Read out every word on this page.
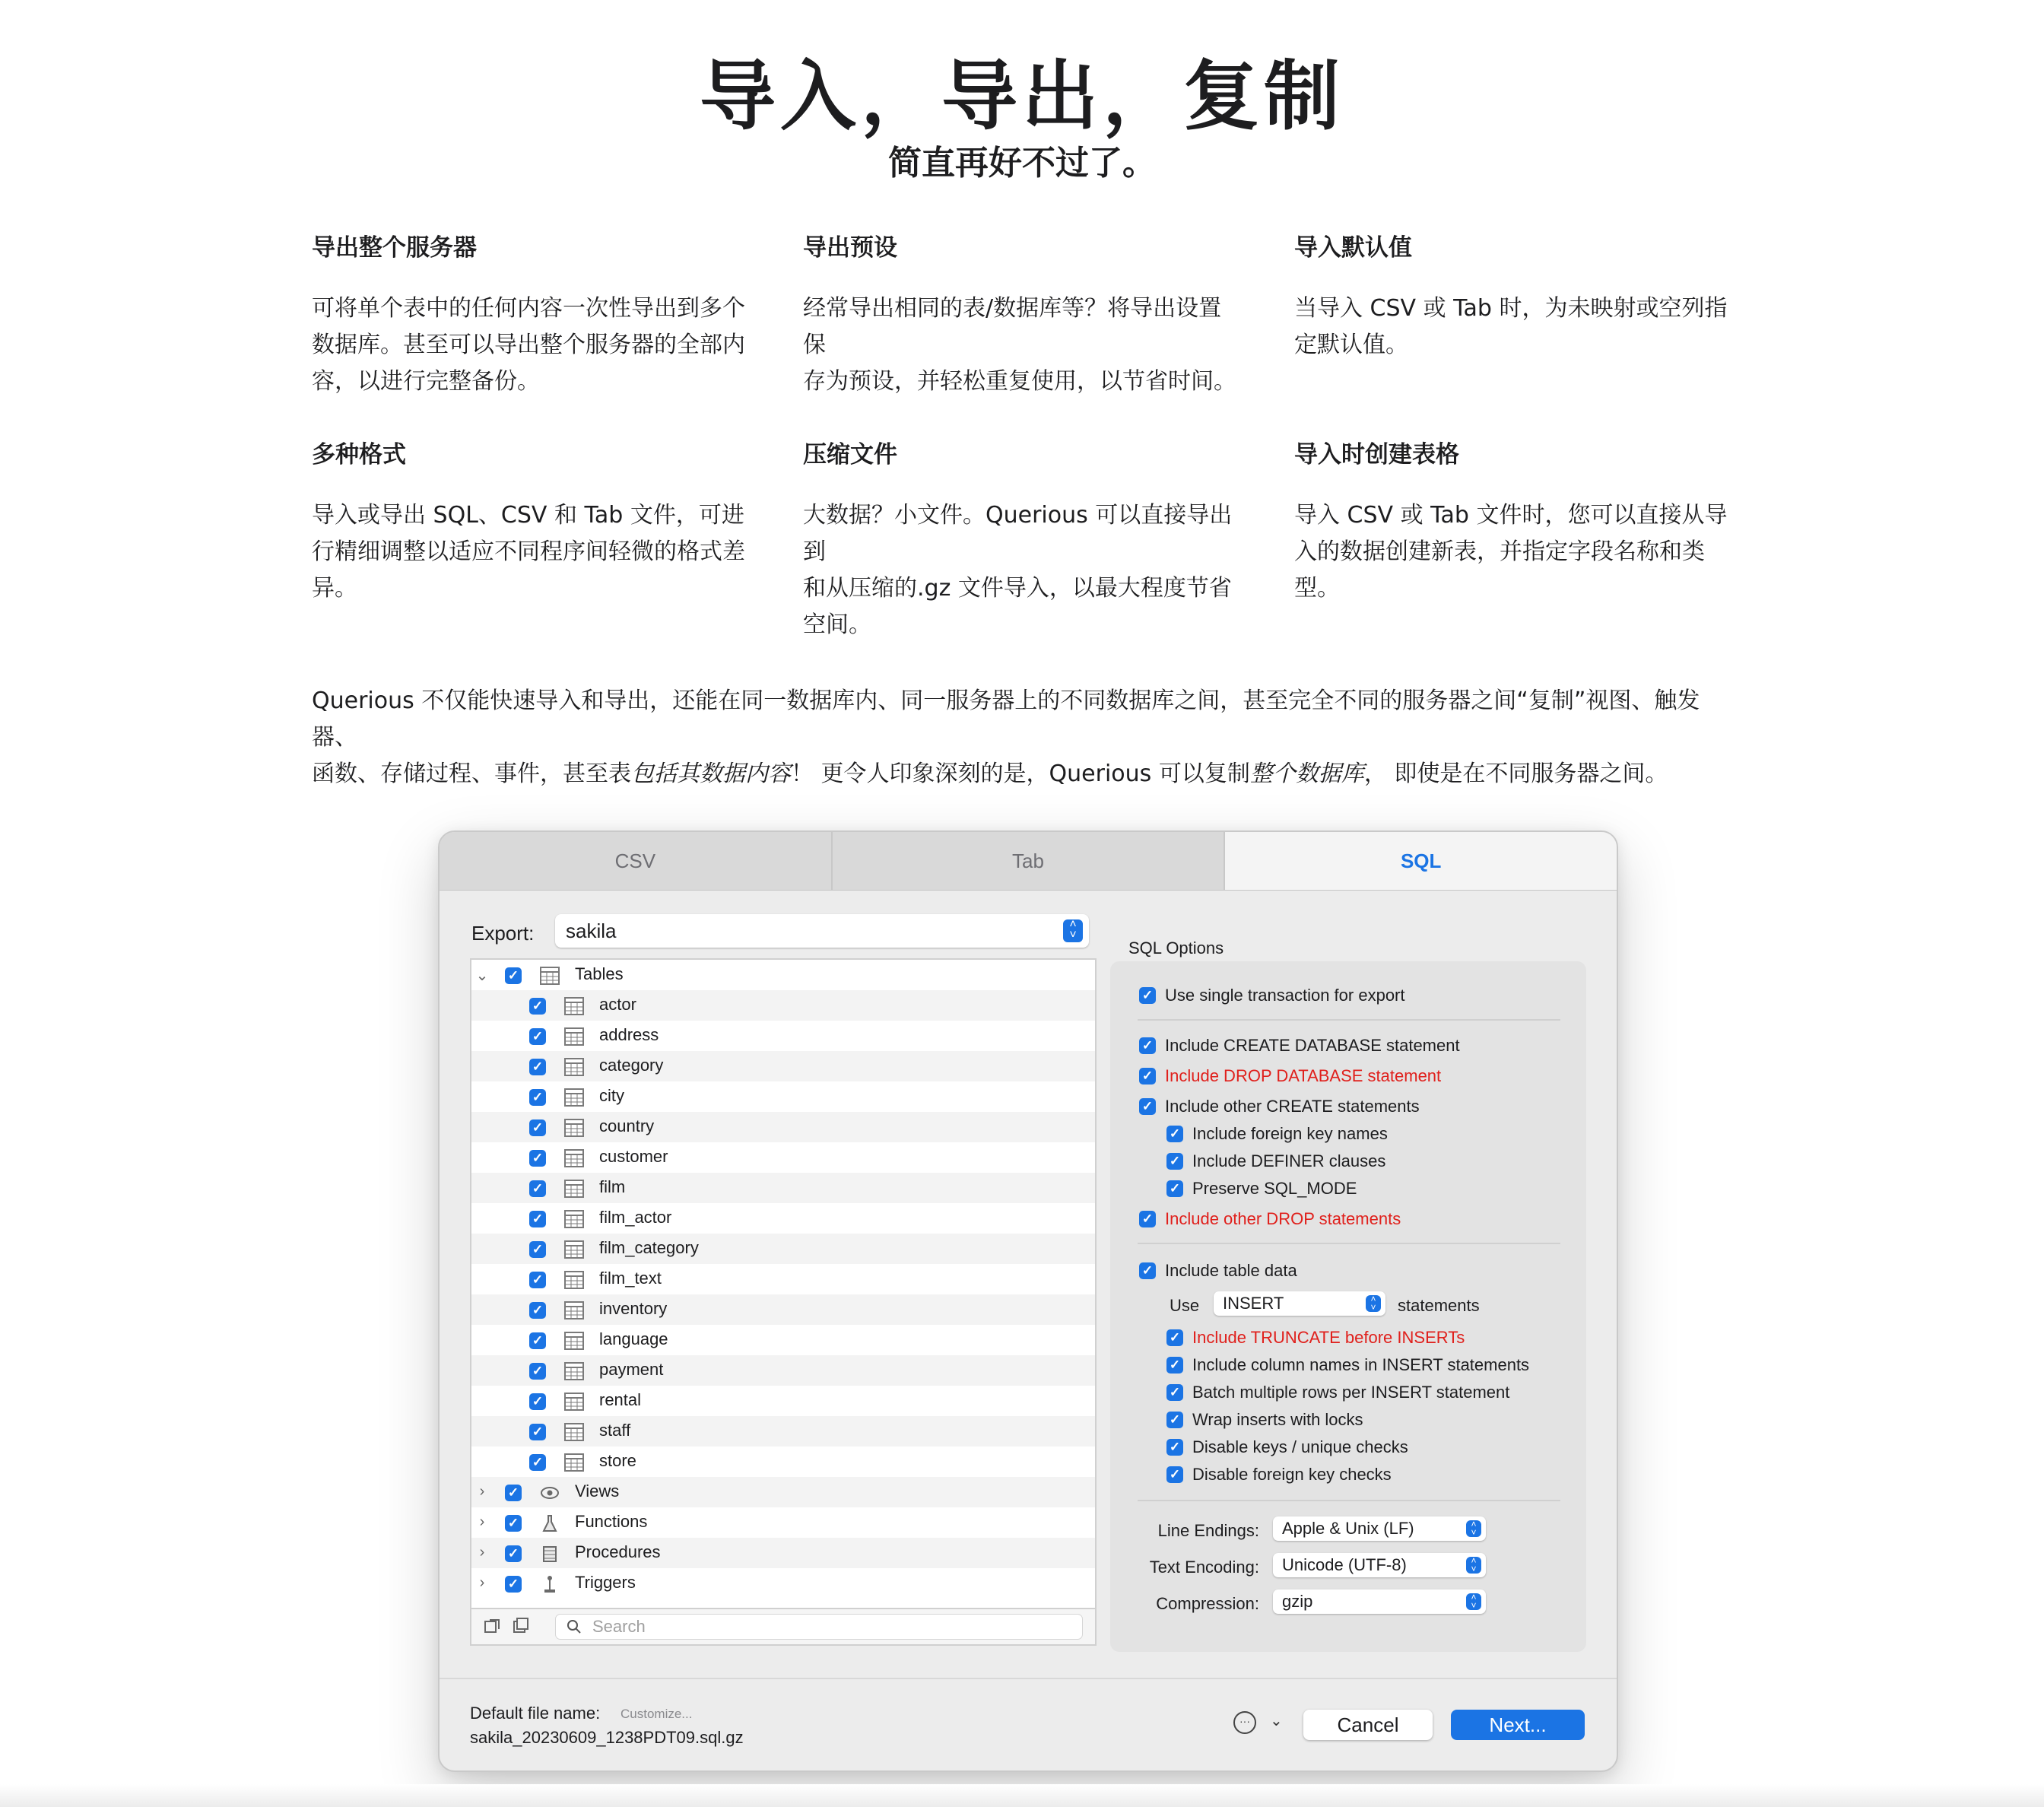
导入，导出，复制
简直再好不过了。
导出整个服务器
可将单个表中的任何内容一次性导出到多个
数据库。甚至可以导出整个服务器的全部内
容，以进行完整备份。
导出预设
经常导出相同的表/数据库等？将导出设置保
存为预设，并轻松重复使用，以节省时间。
导入默认值
当导入 CSV 或 Tab 时，为未映射或空列指
定默认值。
多种格式
导入或导出 SQL、CSV 和 Tab 文件，可进
行精细调整以适应不同程序间轻微的格式差
异。
压缩文件
大数据？小文件。Querious 可以直接导出到
和从压缩的.gz 文件导入，以最大程度节省
空间。
导入时创建表格
导入 CSV 或 Tab 文件时，您可以直接从导
入的数据创建新表，并指定字段名称和类
型。
Querious 不仅能快速导入和导出，还能在同一数据库内、同一服务器上的不同数据库之间，甚至完全不同的服务器之间“复制”视图、触发器、
函数、存储过程、事件，甚至表包括其数据内容！ 更令人印象深刻的是，Querious 可以复制整个数据库， 即使是在不同服务器之间。
CSV	Tab	SQL
Export:	sakila	˄
˅
⌄ ✓	Tables
✓	actor
✓	address
✓	category
✓	city
✓	country
✓	customer
✓	film
✓	film_actor
✓	film_category
✓	film_text
✓	inventory
✓	language
✓	payment
✓	rental
✓	staff
✓	store
›	✓	Views
›	✓	Functions
›	✓	Procedures
›	✓	Triggers
Search
SQL Options
✓ Use single transaction for export
✓ Include CREATE DATABASE statement
✓ Include DROP DATABASE statement
✓ Include other CREATE statements
✓ Include foreign key names
✓ Include DEFINER clauses
✓ Preserve SQL_MODE
✓ Include other DROP statements
✓ Include table data
Use	INSERT	˄
˅ statements
✓ Include TRUNCATE before INSERTs
✓ Include column names in INSERT statements
✓ Batch multiple rows per INSERT statement
✓ Wrap inserts with locks
✓ Disable keys / unique checks
✓ Disable foreign key checks
Line Endings:	Apple & Unix (LF)	˄
˅
Text Encoding:	Unicode (UTF-8)	˄
˅
Compression:	gzip	˄
˅
Default file name: Customize...
sakila_20230609_1238PDT09.sql.gz
···	⌄	Cancel	Next...
